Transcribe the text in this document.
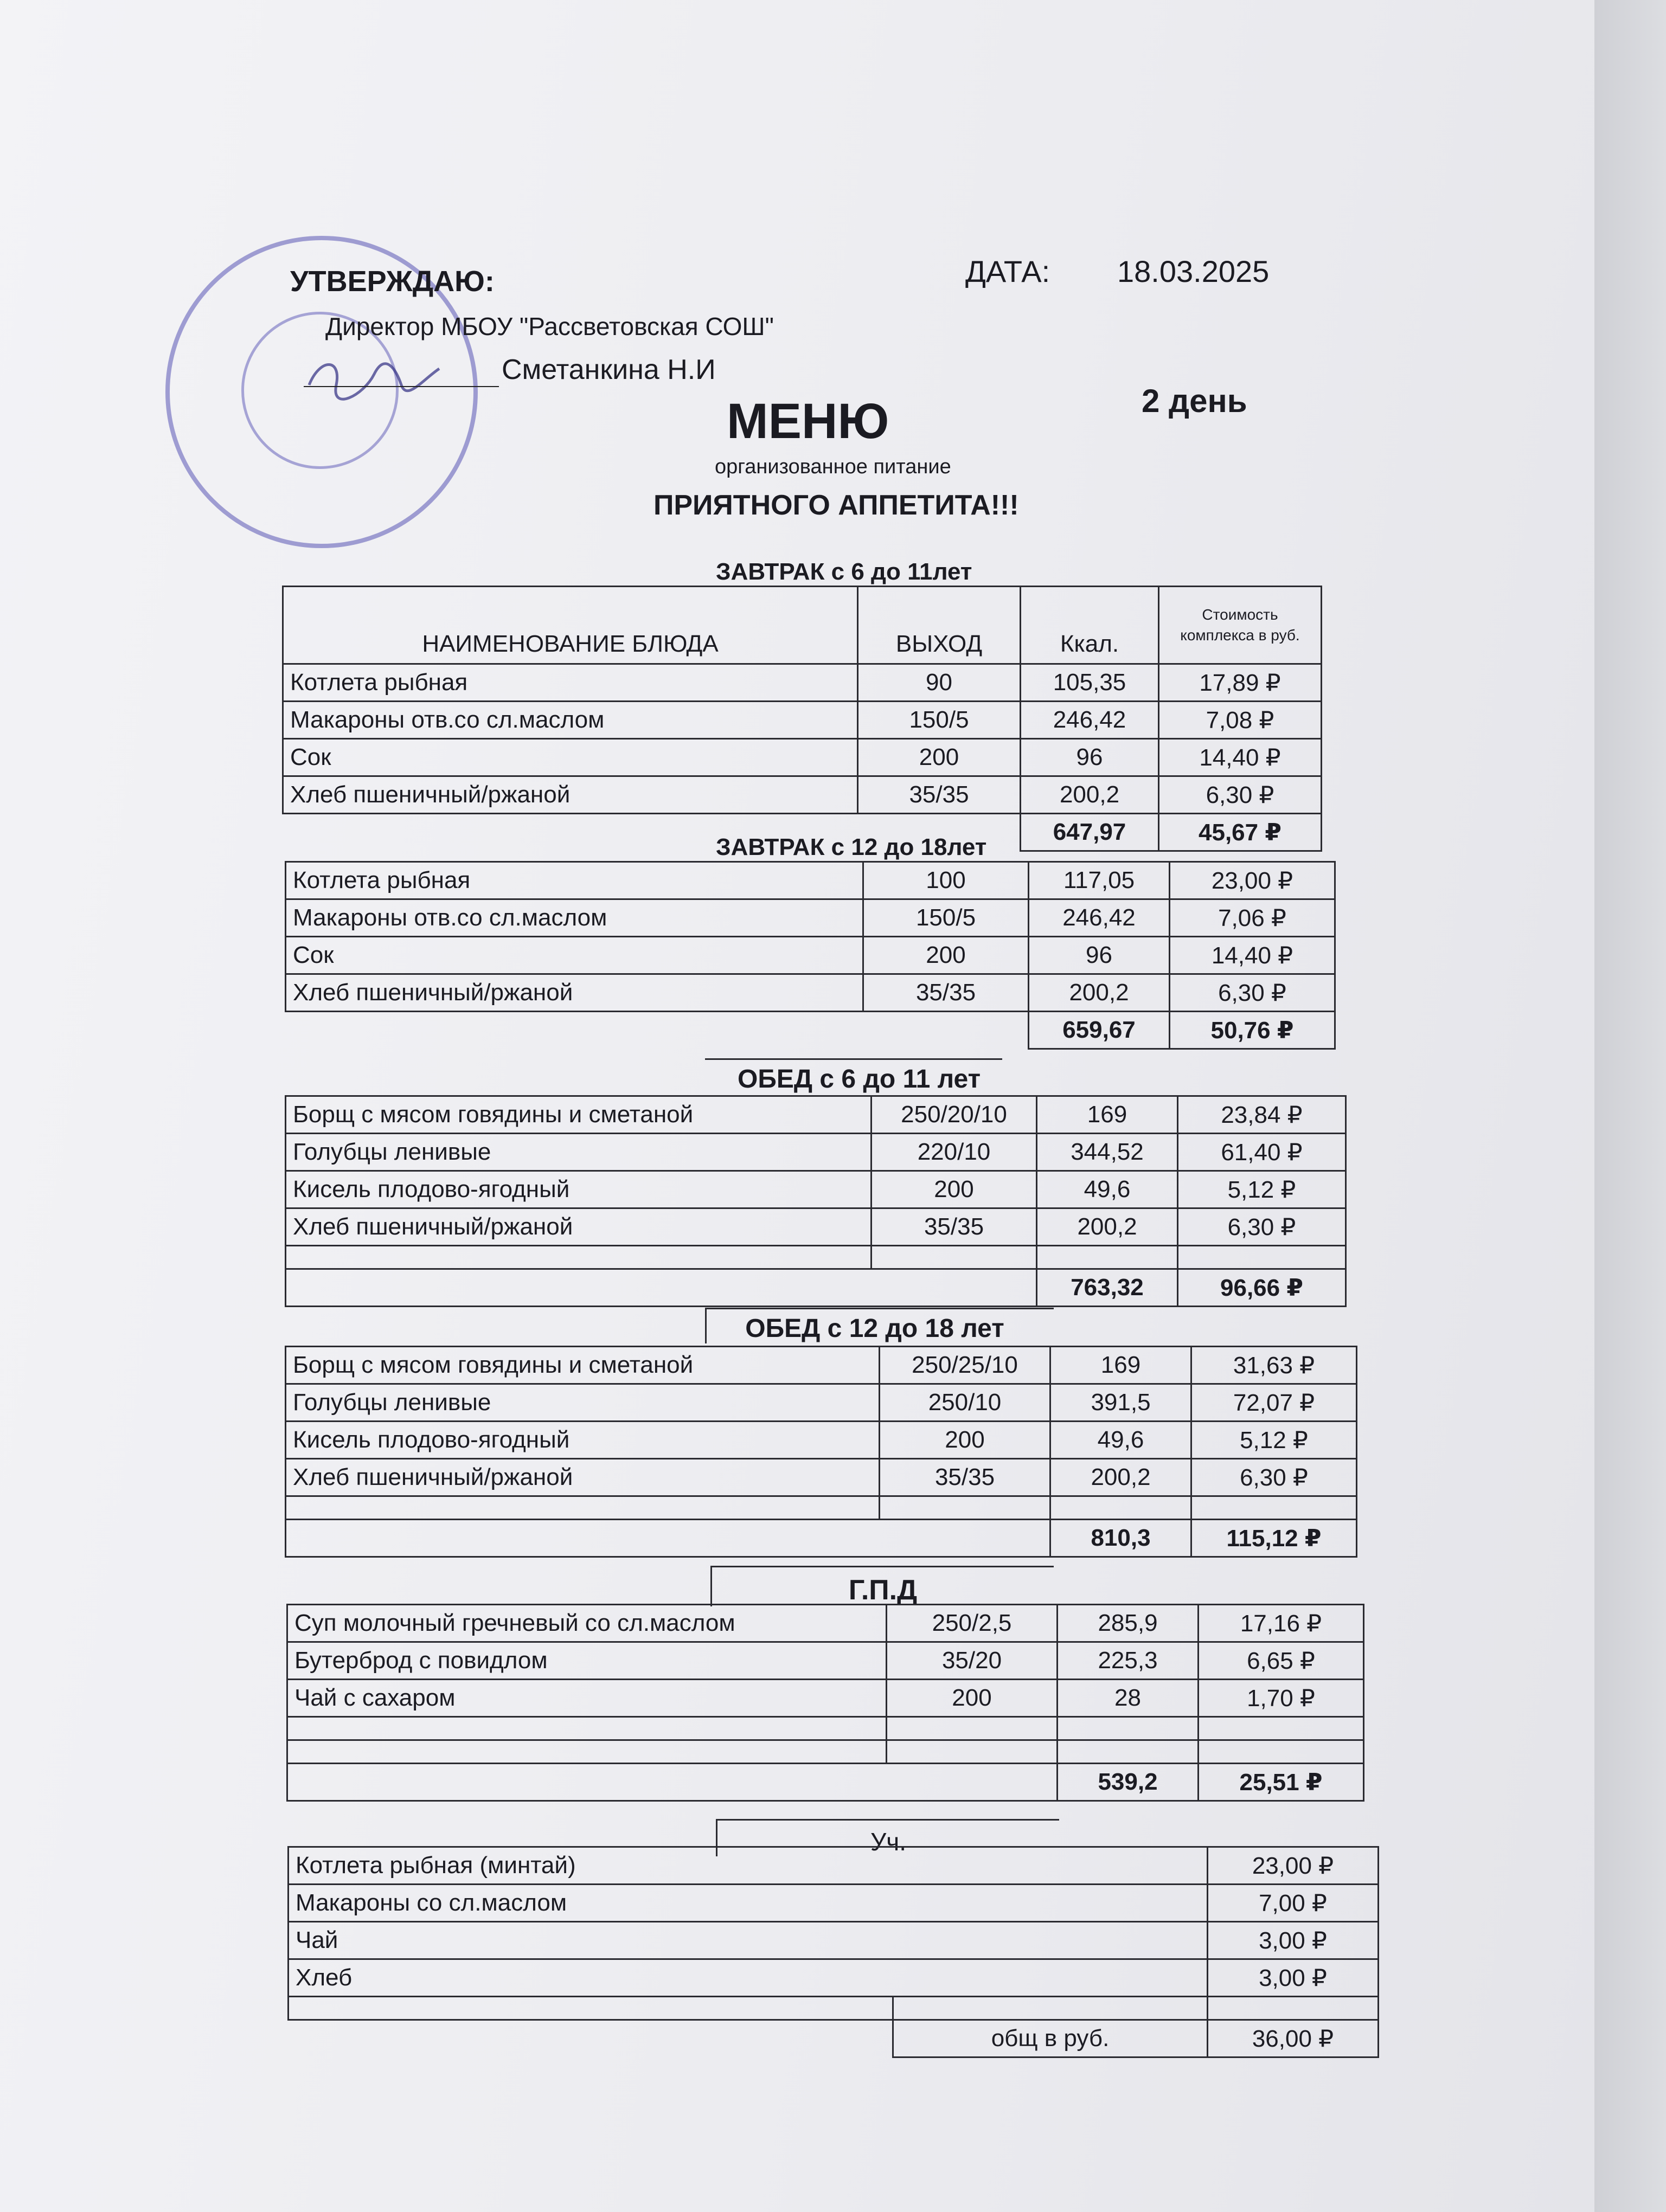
УТВЕРЖДАЮ:	ДАТА: 18.03.2025
Директор МБОУ "Рассветовская СОШ"
Сметанкина Н.И
МЕНЮ	2 день
организованное питание
ПРИЯТНОГО АППЕТИТА!!!
ЗАВТРАК с 6 до 11лет
НАИМЕНОВАНИЕ БЛЮДА	ВЫХОД	Ккал.	Стоимость комплекса в руб.
Котлета рыбная	90	105,35	17,89 ₽
Макароны отв.со сл.маслом	150/5	246,42	7,08 ₽
Сок	200	96	14,40 ₽
Хлеб пшеничный/ржаной	35/35	200,2	6,30 ₽
		647,97	45,67 ₽
ЗАВТРАК с 12 до 18лет
Котлета рыбная	100	117,05	23,00 ₽
Макароны отв.со сл.маслом	150/5	246,42	7,06 ₽
Сок	200	96	14,40 ₽
Хлеб пшеничный/ржаной	35/35	200,2	6,30 ₽
		659,67	50,76 ₽
ОБЕД с 6 до 11 лет
Борщ с мясом говядины и сметаной	250/20/10	169	23,84 ₽
Голубцы ленивые	220/10	344,52	61,40 ₽
Кисель плодово-ягодный	200	49,6	5,12 ₽
Хлеб пшеничный/ржаной	35/35	200,2	6,30 ₽

		763,32	96,66 ₽
ОБЕД с 12 до 18 лет
Борщ с мясом говядины и сметаной	250/25/10	169	31,63 ₽
Голубцы ленивые	250/10	391,5	72,07 ₽
Кисель плодово-ягодный	200	49,6	5,12 ₽
Хлеб пшеничный/ржаной	35/35	200,2	6,30 ₽

		810,3	115,12 ₽
Г.П.Д
Суп молочный гречневый со сл.маслом	250/2,5	285,9	17,16 ₽
Бутерброд с повидлом	35/20	225,3	6,65 ₽
Чай с сахаром	200	28	1,70 ₽

		539,2	25,51 ₽
Уч.
Котлета рыбная (минтай)		23,00 ₽
Макароны со сл.маслом		7,00 ₽
Чай		3,00 ₽
Хлеб		3,00 ₽

	общ в руб.	36,00 ₽
